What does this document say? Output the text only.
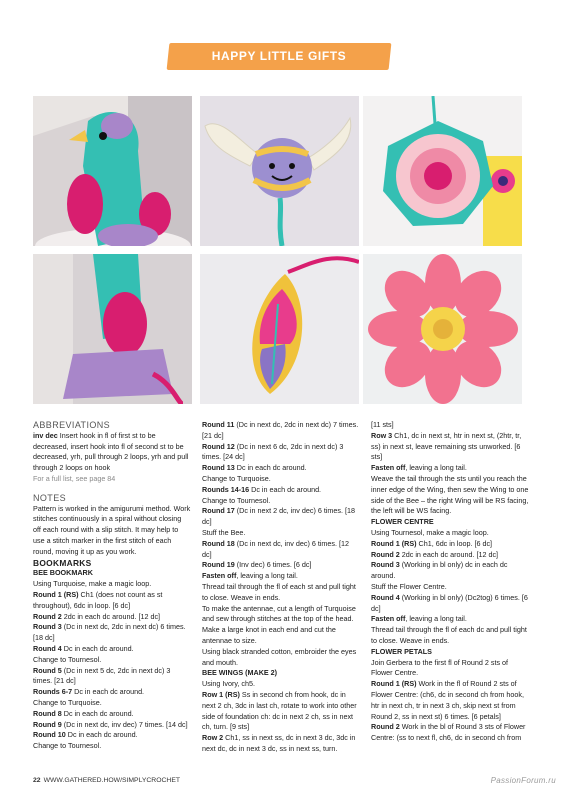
HAPPY LITTLE GIFTS COLLECTION

ABBREVIATIONS

inv dec Insert hook in fl of first st to be decreased, insert hook into fl of second st to be decreased, yrh, pull through 2 loops, yrh and pull through 2 loops on hook

For a full list, see page 84

NOTES

Pattern is worked in the amigurumi method. Work stitches continuously in a spiral without closing off each round with a slip stitch. It may help to use a stitch marker in the first stitch of each round, moving it up as you work.

BOOKMARKS

BEE BOOKMARK

Using Turquoise, make a magic loop.

Round 1 (RS) Ch1 (does not count as st throughout), 6dc in loop. [6 dc]

Round 2 2dc in each dc around. [12 dc]

Round 3 (Dc in next dc, 2dc in next dc) 6 times. [18 dc]

Round 4 Dc in each dc around.

Change to Tournesol.

Round 5 (Dc in next 5 dc, 2dc in next dc) 3 times. [21 dc]

Rounds 6-7 Dc in each dc around.

Change to Turquoise.

Round 8 Dc in each dc around.

Round 9 (Dc in next dc, inv dec) 7 times. [14 dc]

Round 10 Dc in each dc around.

Change to Tournesol.

Round 11 (Dc in next dc, 2dc in next dc) 7 times. [21 dc]

Round 12 (Dc in next 6 dc, 2dc in next dc) 3 times. [24 dc]

Round 13 Dc in each dc around.

Change to Turquoise.

Rounds 14-16 Dc in each dc around.

Change to Tournesol.

Round 17 (Dc in next 2 dc, inv dec) 6 times. [18 dc]

Stuff the Bee.

Round 18 (Dc in next dc, inv dec) 6 times. [12 dc]

Round 19 (Inv dec) 6 times. [6 dc]

Fasten off, leaving a long tail.

Thread tail through the fl of each st and pull tight to close. Weave in ends.

To make the antennae, cut a length of Turquoise and sew through stitches at the top of the head. Make a large knot in each end and cut the antennae to size.

Using black stranded cotton, embroider the eyes and mouth.

BEE WINGS (MAKE 2)

Using Ivory, ch5.

Row 1 (RS) Ss in second ch from hook, dc in next 2 ch, 3dc in last ch, rotate to work into other side of foundation ch: dc in next 2 ch, ss in next ch, turn. [9 sts]

Row 2 Ch1, ss in next ss, dc in next 3 dc, 3dc in next dc, dc in next 3 dc, ss in next ss, turn.

[11 sts]

Row 3 Ch1, dc in next st, htr in next st, (2htr, tr, ss) in next st, leave remaining sts unworked. [6 sts]

Fasten off, leaving a long tail.

Weave the tail through the sts until you reach the inner edge of the Wing, then sew the Wing to one side of the Bee – the right Wing will be RS facing, the left will be WS facing.

FLOWER CENTRE

Using Tournesol, make a magic loop.

Round 1 (RS) Ch1, 6dc in loop. [6 dc]

Round 2 2dc in each dc around. [12 dc]

Round 3 (Working in bl only) dc in each dc around.

Stuff the Flower Centre.

Round 4 (Working in bl only) (Dc2tog) 6 times. [6 dc]

Fasten off, leaving a long tail.

Thread tail through the fl of each dc and pull tight to close. Weave in ends.

FLOWER PETALS

Join Gerbera to the first fl of Round 2 sts of Flower Centre.

Round 1 (RS) Work in the fl of Round 2 sts of Flower Centre: (ch6, dc in second ch from hook, htr in next ch, tr in next 3 ch, skip next st from Round 2, ss in next st) 6 times. [6 petals]

Round 2 Work in the bl of Round 3 sts of Flower Centre: (ss to next fl, ch6, dc in second ch from

22 WWW.GATHERED.HOW/SIMPLYCROCHET	PassionForum.ru
